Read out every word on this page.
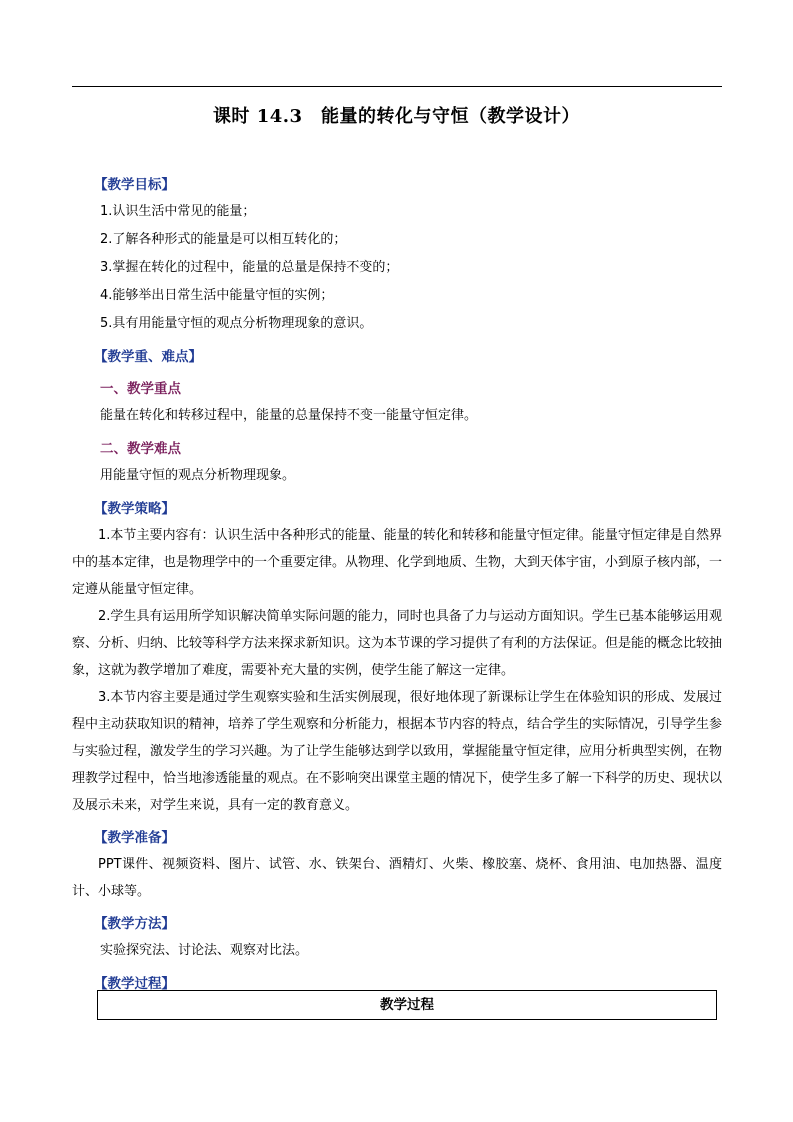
课时 14.3　能量的转化与守恒（教学设计）
【教学目标】
1.认识生活中常见的能量；
2.了解各种形式的能量是可以相互转化的；
3.掌握在转化的过程中，能量的总量是保持不变的；
4.能够举出日常生活中能量守恒的实例；
5.具有用能量守恒的观点分析物理现象的意识。
【教学重、难点】
一、教学重点
能量在转化和转移过程中，能量的总量保持不变一能量守恒定律。
二、教学难点
用能量守恒的观点分析物理现象。
【教学策略】
1.本节主要内容有：认识生活中各种形式的能量、能量的转化和转移和能量守恒定律。能量守恒定律是自然界中的基本定律，也是物理学中的一个重要定律。从物理、化学到地质、生物，大到天体宇宙，小到原子核内部，一定遵从能量守恒定律。
2.学生具有运用所学知识解决简单实际问题的能力，同时也具备了力与运动方面知识。学生已基本能够运用观察、分析、归纳、比较等科学方法来探求新知识。这为本节课的学习提供了有利的方法保证。但是能的概念比较抽象，这就为教学增加了难度，需要补充大量的实例，使学生能了解这一定律。
3.本节内容主要是通过学生观察实验和生活实例展现，很好地体现了新课标让学生在体验知识的形成、发展过程中主动获取知识的精神，培养了学生观察和分析能力，根据本节内容的特点，结合学生的实际情况，引导学生参与实验过程，激发学生的学习兴趣。为了让学生能够达到学以致用，掌握能量守恒定律，应用分析典型实例，在物理教学过程中，恰当地渗透能量的观点。在不影响突出课堂主题的情况下，使学生多了解一下科学的历史、现状以及展示未来，对学生来说，具有一定的教育意义。
【教学准备】
PPT课件、视频资料、图片、试管、水、铁架台、酒精灯、火柴、橡胶塞、烧杯、食用油、电加热器、温度计、小球等。
【教学方法】
实验探究法、讨论法、观察对比法。
【教学过程】
教学过程
